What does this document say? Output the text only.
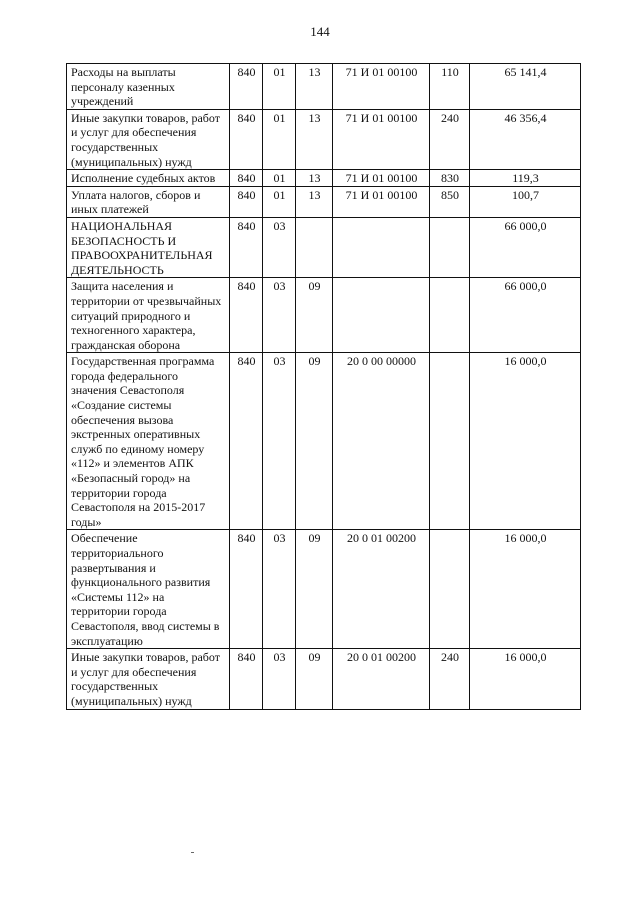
144
Расходы на выплаты персоналу казенных учреждений	840	01	13	71 И 01 00100	110	65 141,4
Иные закупки товаров, работ и услуг для обеспечения государственных (муниципальных) нужд	840	01	13	71 И 01 00100	240	46 356,4
Исполнение судебных актов	840	01	13	71 И 01 00100	830	119,3
Уплата налогов, сборов и иных платежей	840	01	13	71 И 01 00100	850	100,7
НАЦИОНАЛЬНАЯ БЕЗОПАСНОСТЬ И ПРАВООХРАНИТЕЛЬНАЯ ДЕЯТЕЛЬНОСТЬ	840	03				66 000,0
Защита населения и территории от чрезвычайных ситуаций природного и техногенного характера, гражданская оборона	840	03	09			66 000,0
Государственная программа города федерального значения Севастополя «Создание системы обеспечения вызова экстренных оперативных служб по единому номеру «112» и элементов АПК «Безопасный город» на территории города Севастополя на 2015-2017 годы»	840	03	09	20 0 00 00000		16 000,0
Обеспечение территориального развертывания и функционального развития «Системы 112» на территории города Севастополя, ввод системы в эксплуатацию	840	03	09	20 0 01 00200		16 000,0
Иные закупки товаров, работ и услуг для обеспечения государственных (муниципальных) нужд	840	03	09	20 0 01 00200	240	16 000,0
